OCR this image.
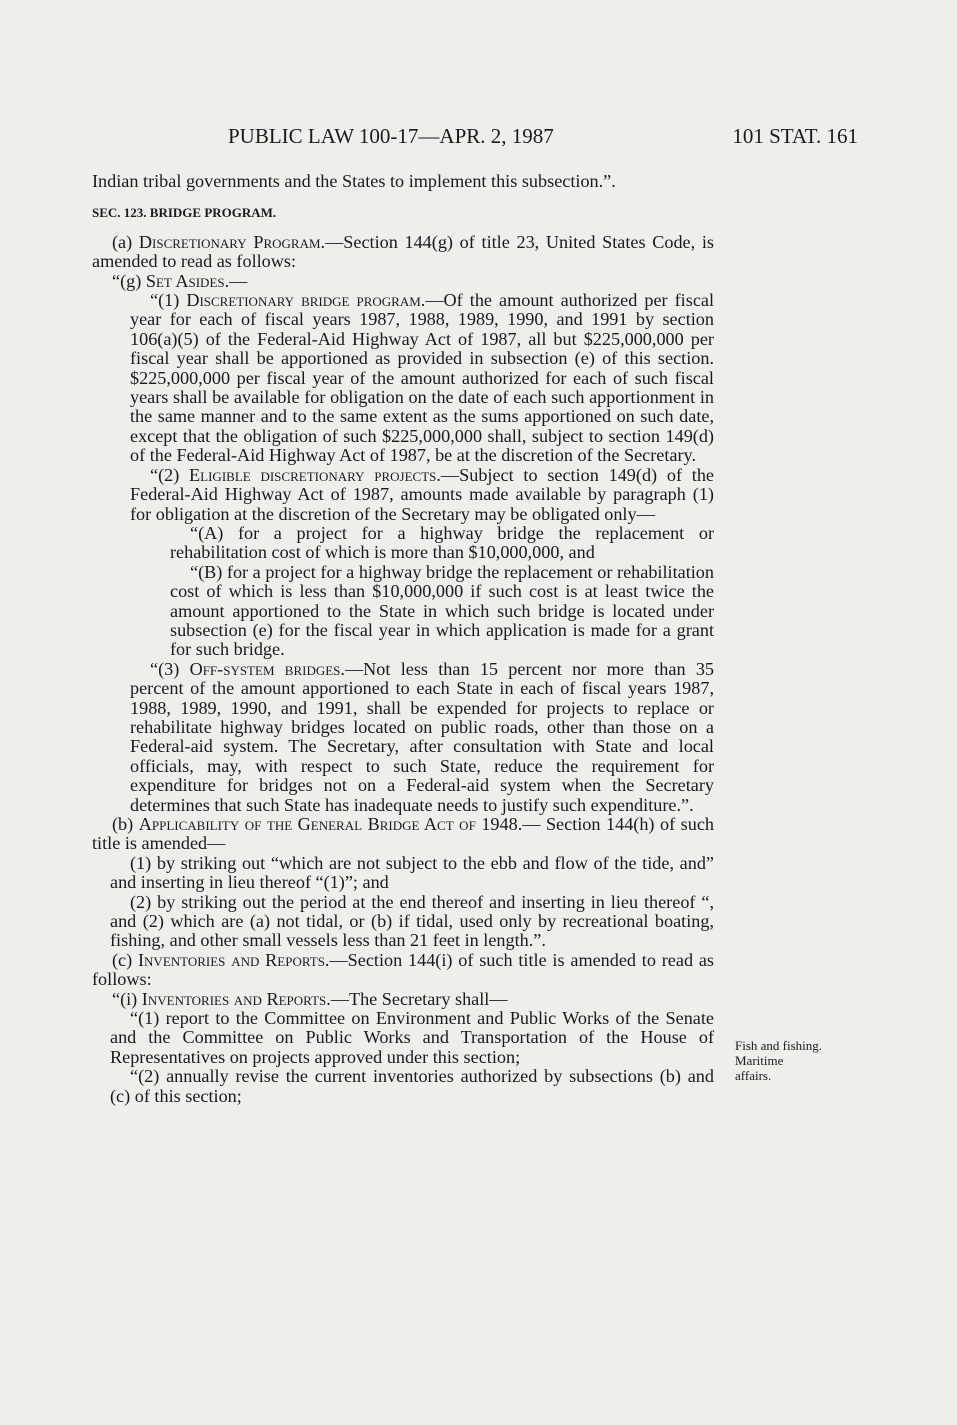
PUBLIC LAW 100-17—APR. 2, 1987	101 STAT. 161

Indian tribal governments and the States to implement this subsection.”.

SEC. 123. BRIDGE PROGRAM.

(a) Discretionary Program.—Section 144(g) of title 23, United States Code, is amended to read as follows:

“(g) Set Asides.—

“(1) Discretionary bridge program.—Of the amount authorized per fiscal year for each of fiscal years 1987, 1988, 1989, 1990, and 1991 by section 106(a)(5) of the Federal-Aid Highway Act of 1987, all but $225,000,000 per fiscal year shall be apportioned as provided in subsection (e) of this section. $225,000,000 per fiscal year of the amount authorized for each of such fiscal years shall be available for obligation on the date of each such apportionment in the same manner and to the same extent as the sums apportioned on such date, except that the obligation of such $225,000,000 shall, subject to section 149(d) of the Federal-Aid Highway Act of 1987, be at the discretion of the Secretary.

“(2) Eligible discretionary projects.—Subject to section 149(d) of the Federal-Aid Highway Act of 1987, amounts made available by paragraph (1) for obligation at the discretion of the Secretary may be obligated only—

“(A) for a project for a highway bridge the replacement or rehabilitation cost of which is more than $10,000,000, and

“(B) for a project for a highway bridge the replacement or rehabilitation cost of which is less than $10,000,000 if such cost is at least twice the amount apportioned to the State in which such bridge is located under subsection (e) for the fiscal year in which application is made for a grant for such bridge.

“(3) Off-system bridges.—Not less than 15 percent nor more than 35 percent of the amount apportioned to each State in each of fiscal years 1987, 1988, 1989, 1990, and 1991, shall be expended for projects to replace or rehabilitate highway bridges located on public roads, other than those on a Federal-aid system. The Secretary, after consultation with State and local officials, may, with respect to such State, reduce the requirement for expenditure for bridges not on a Federal-aid system when the Secretary determines that such State has inadequate needs to justify such expenditure.”.

(b) Applicability of the General Bridge Act of 1948.— Section 144(h) of such title is amended—

(1) by striking out “which are not subject to the ebb and flow of the tide, and” and inserting in lieu thereof “(1)”; and

(2) by striking out the period at the end thereof and inserting in lieu thereof “, and (2) which are (a) not tidal, or (b) if tidal, used only by recreational boating, fishing, and other small vessels less than 21 feet in length.”.

(c) Inventories and Reports.—Section 144(i) of such title is amended to read as follows:

“(i) Inventories and Reports.—The Secretary shall—

“(1) report to the Committee on Environment and Public Works of the Senate and the Committee on Public Works and Transportation of the House of Representatives on projects approved under this section;

“(2) annually revise the current inventories authorized by subsections (b) and (c) of this section;

Fish and fishing.
Maritime
affairs.
